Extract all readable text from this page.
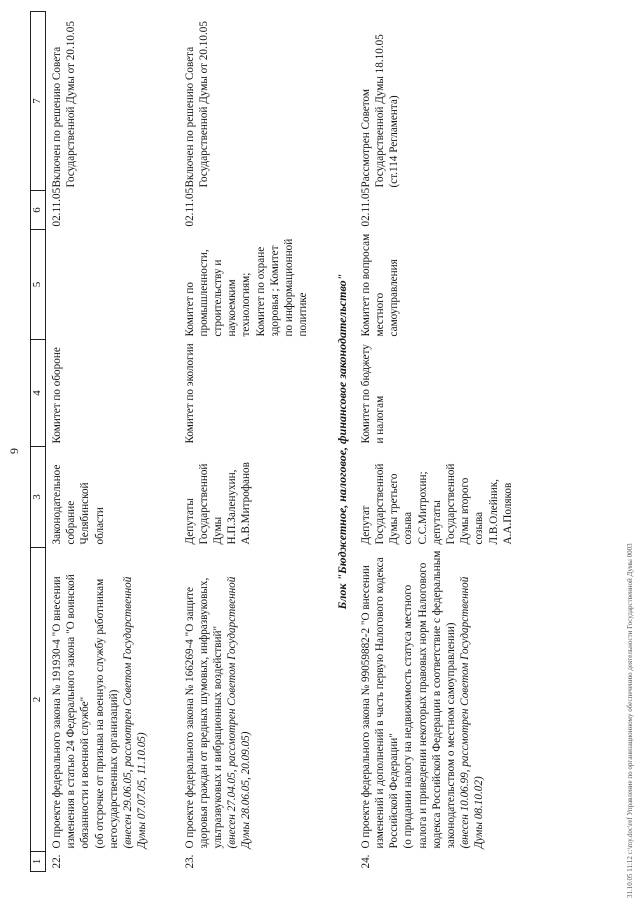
9
1	2	3	4	5	6	7
22.	О проекте федерального закона № 191930-4 "О внесении изменения в статью 24 Федерального закона "О воинской обязанности и военной службе" (об отсрочке от призыва на военную службу работникам негосударственных организаций) (внесен 29.06.05, рассмотрен Советом Государственной Думы 07.07.05, 11.10.05)	Законодательное собрание Челябинской области	Комитет по обороне		02.11.05	Включен по решению Совета Государственной Думы от 20.10.05
23.	О проекте федерального закона № 166269-4 "О защите здоровья граждан от вредных шумовых, инфразвуковых, ультразвуковых и вибрационных воздействий" (внесен 27.04.05, рассмотрен Советом Государственной Думы 28.06.05, 20.09.05)	Депутаты Государственной Думы Н.П.Заленухин, А.В.Митрофанов	Комитет по экологии	Комитет по промышленности, строительству и наукоемким технологиям; Комитет по охране здоровья ; Комитет по информационной политике	02.11.05	Включен по решению Совета Государственной Думы от 20.10.05
Блок "Бюджетное, налоговое, финансовое законодательство"						
24.	О проекте федерального закона № 99059882-2 "О внесении изменений и дополнений в часть первую Налогового кодекса Российской Федерации" (о придании налогу на недвижимость статуса местного налога и приведении некоторых правовых норм Налогового кодекса Российской Федерации в соответствие с федеральным законодательством о местном самоуправлении) (внесен 10.06.99, рассмотрен Советом Государственной Думы 08.10.02)	Депутат Государственной Думы третьего созыва С.С.Митрохин; депутаты Государственной Думы второго созыва Л.В.Олейник, А.А.Поляков	Комитет по бюджету и налогам	Комитет по вопросам местного самоуправления	02.11.05	Рассмотрен Советом Государственной Думы 18.10.05 (ст.114 Регламента)
31.10.05 11:12 c:\my.doc\ref Управление по организационному обеспечению деятельности Государственной Думы 0003
